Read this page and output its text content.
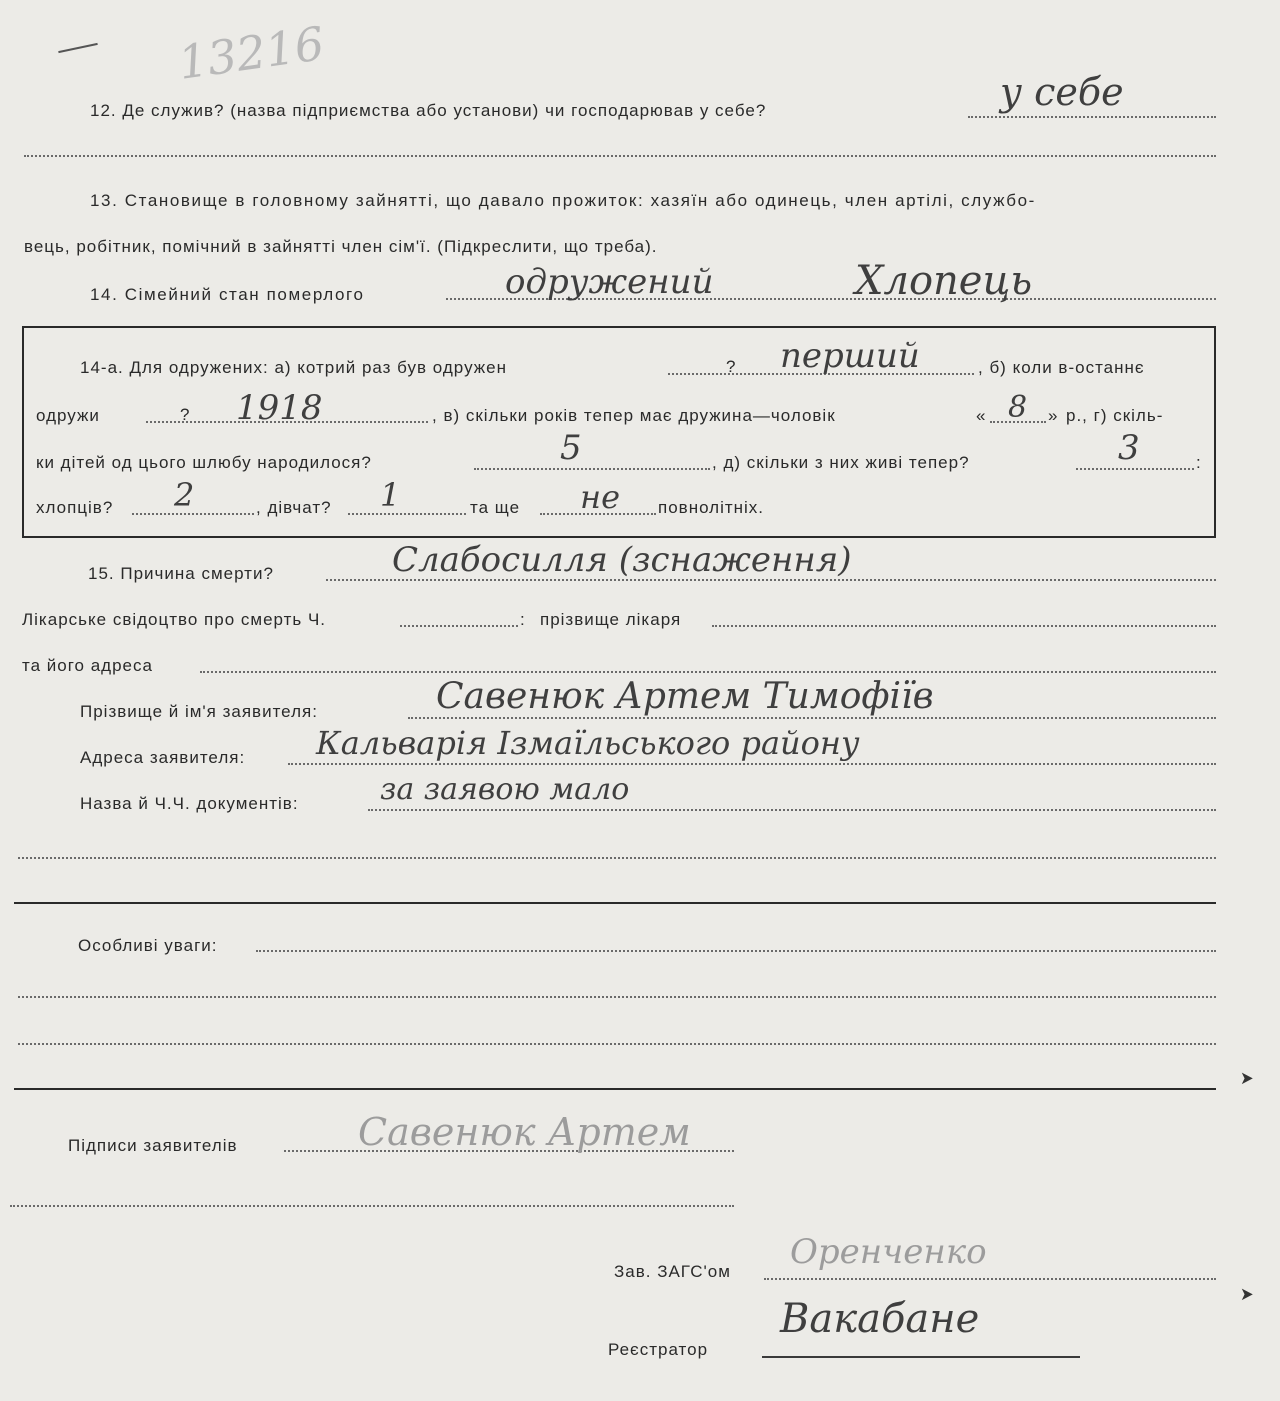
13216
12. Де служив? (назва підприємства або установи) чи господарював у себе?	у себе
13. Становище в головному зайнятті, що давало прожиток: хазяїн або одинець, член артілі, службо-
вець, робітник, помічний в зайнятті член сім'ї. (Підкреслити, що треба).
14. Сімейний стан померлого	одружений	Хлопець
14-а. Для одружених: а) котрий раз був одружен	? перший	, б) коли в-останнє
одружи	? 1918	, в) скільки років тепер має дружина—чоловік	« 8 » р., г) скіль-
ки дітей од цього шлюбу народилося?	5	, д) скільки з них живі тепер?	3	:
хлопців? 2	, дівчат? 1	та ще не повнолітніх.
15. Причина смерти?	Слабосилля (зснаження)
Лікарське свідоцтво про смерть Ч.	: прізвище лікаря
та його адреса
Прізвище й ім'я заявителя:	Савенюк Артем Тимофіїв
Адреса заявителя: Кальварія Ізмаїльського району
Назва й Ч.Ч. документів:	за заявою мало
Особливі уваги:
Підписи заявителів	Савенюк Артем
Зав. ЗАГС'ом Оренченко
Реєстратор
Вакабане
➤
➤
